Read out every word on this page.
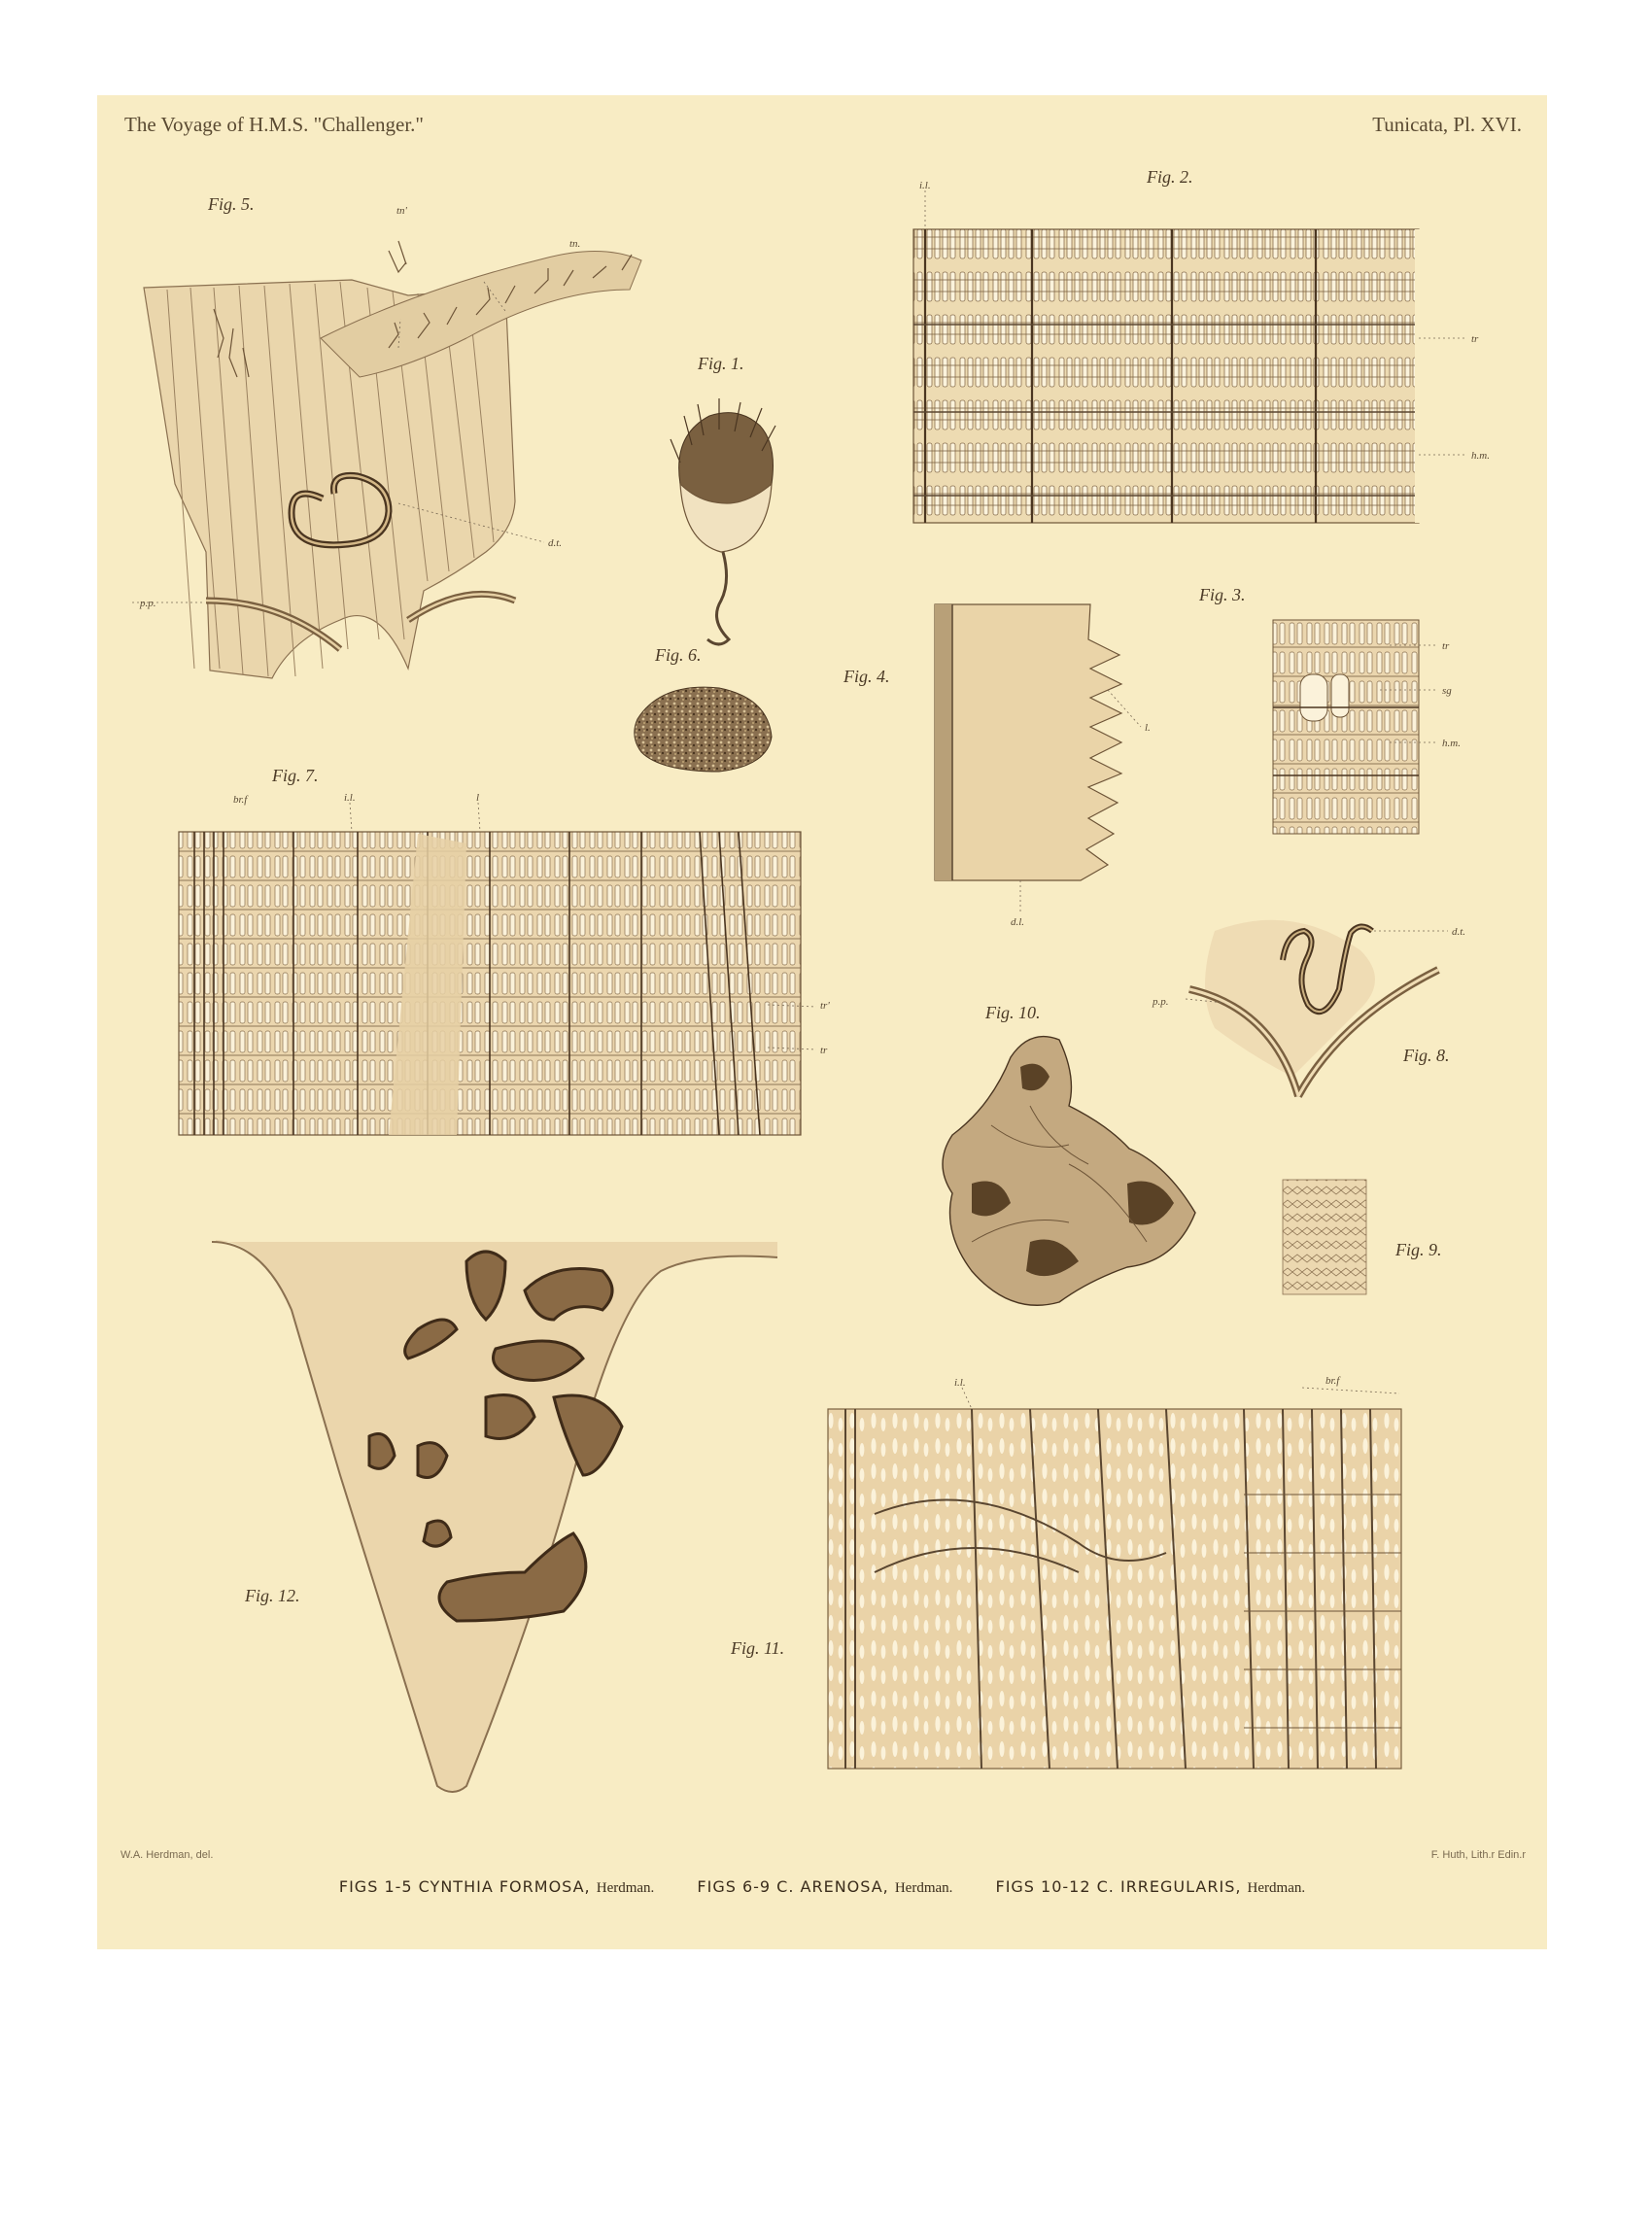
The Voyage of H.M.S. "Challenger."	Tunicata, Pl. XVI.
Fig. 5.
Fig. 2.
Fig. 1.
Fig. 3.
Fig. 6.
Fig. 4.
Fig. 7.
Fig. 10.
Fig. 8.
Fig. 9.
Fig. 12.
Fig. 11.
i.l.
tn'
tn.
tr
h.m.
d.t.
p.p.
tr
sg
h.m.
l.
br.f	i.l.	l
d.l.
d.t.
p.p.
tr'
tr
i.l.	br.f
W.A. Herdman, del.	F. Huth, Lith.r Edin.r
FIGS 1-5 CYNTHIA FORMOSA, Herdman.	FIGS 6-9 C. ARENOSA, Herdman.	FIGS 10-12 C. IRREGULARIS, Herdman.
